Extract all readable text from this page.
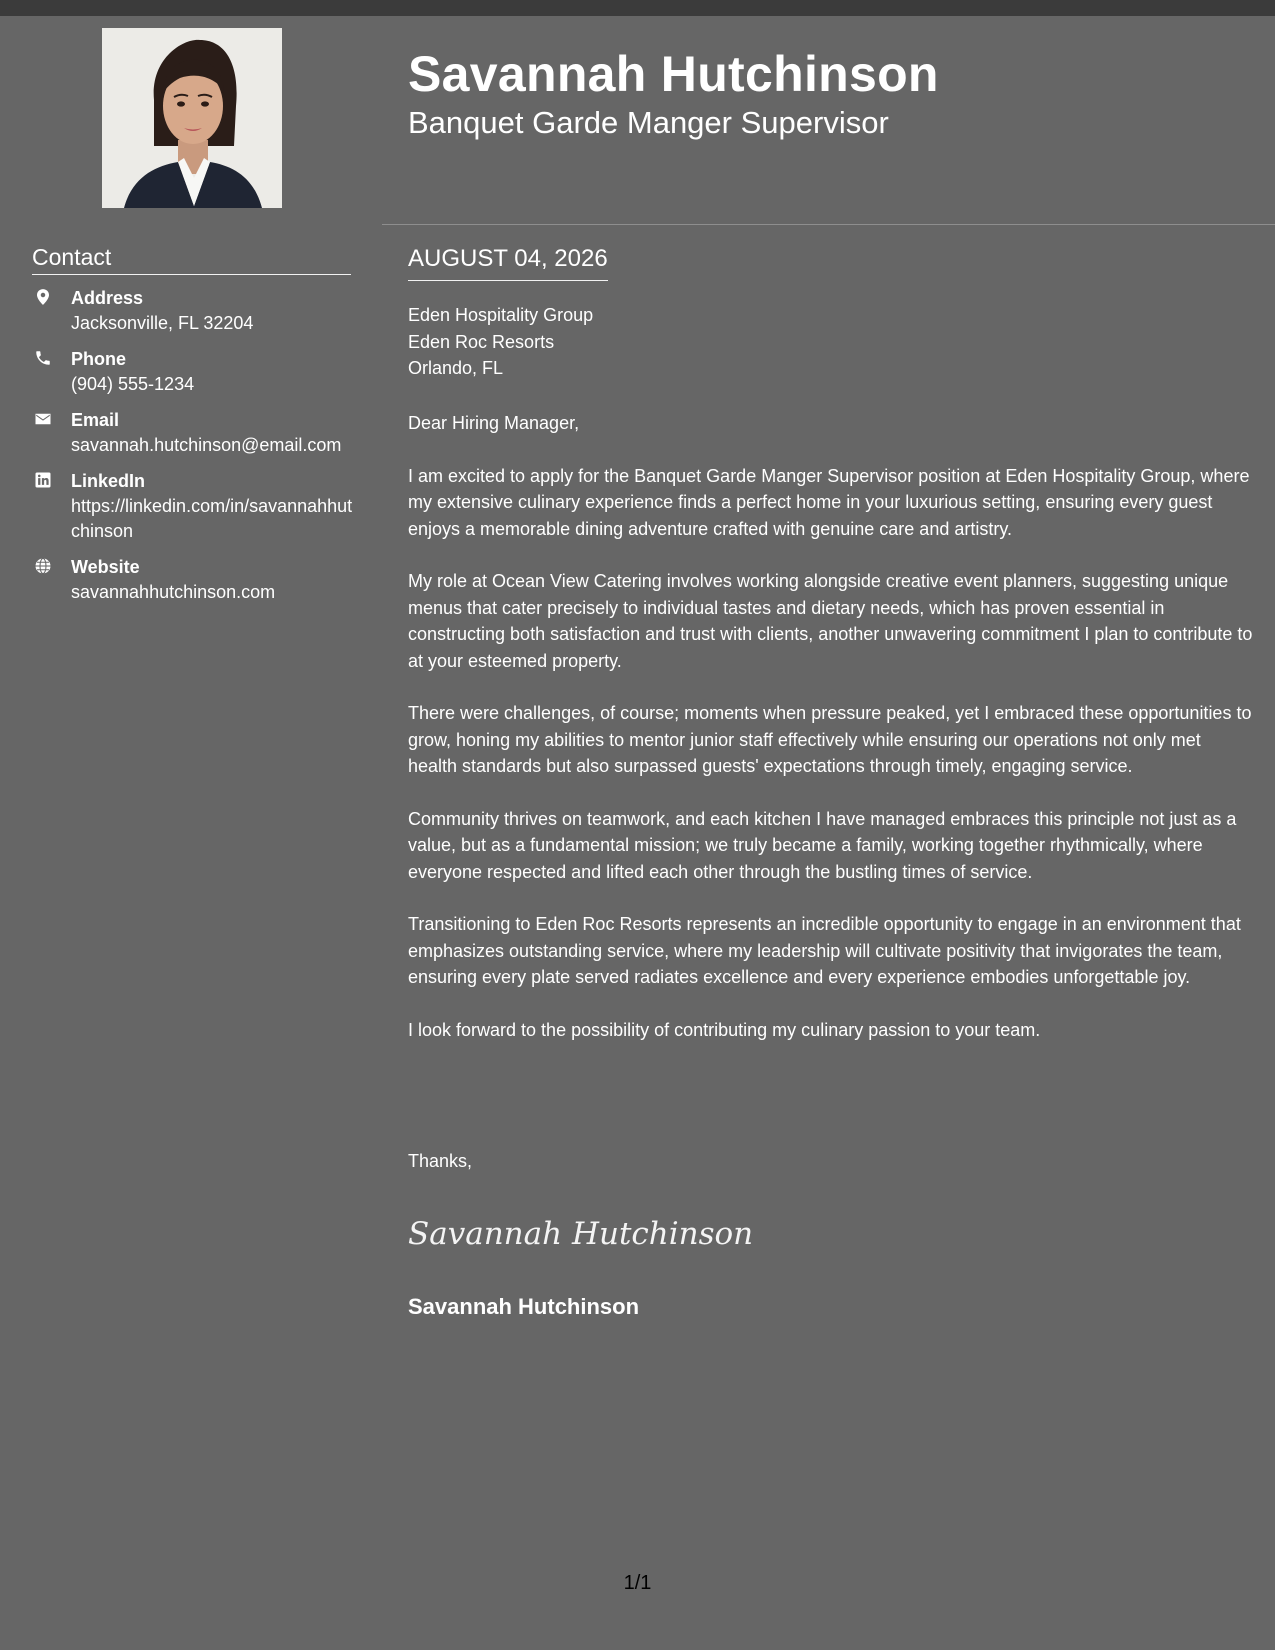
Contact
Address
Jacksonville, FL 32204
Phone
(904) 555-1234
Email
savannah.hutchinson@email.com
LinkedIn
https://linkedin.com/in/savannahhutchinson
Website
savannahhutchinson.com
Savannah Hutchinson
Banquet Garde Manger Supervisor
AUGUST 04, 2026
Eden Hospitality Group
Eden Roc Resorts
Orlando, FL

Dear Hiring Manager,

I am excited to apply for the Banquet Garde Manger Supervisor position at Eden Hospitality Group, where my extensive culinary experience finds a perfect home in your luxurious setting, ensuring every guest enjoys a memorable dining adventure crafted with genuine care and artistry.

My role at Ocean View Catering involves working alongside creative event planners, suggesting unique menus that cater precisely to individual tastes and dietary needs, which has proven essential in constructing both satisfaction and trust with clients, another unwavering commitment I plan to contribute to at your esteemed property.

There were challenges, of course; moments when pressure peaked, yet I embraced these opportunities to grow, honing my abilities to mentor junior staff effectively while ensuring our operations not only met health standards but also surpassed guests' expectations through timely, engaging service.

Community thrives on teamwork, and each kitchen I have managed embraces this principle not just as a value, but as a fundamental mission; we truly became a family, working together rhythmically, where everyone respected and lifted each other through the bustling times of service.

Transitioning to Eden Roc Resorts represents an incredible opportunity to engage in an environment that emphasizes outstanding service, where my leadership will cultivate positivity that invigorates the team, ensuring every plate served radiates excellence and every experience embodies unforgettable joy.

I look forward to the possibility of contributing my culinary passion to your team.

Thanks,
Savannah Hutchinson
Savannah Hutchinson
1/1
